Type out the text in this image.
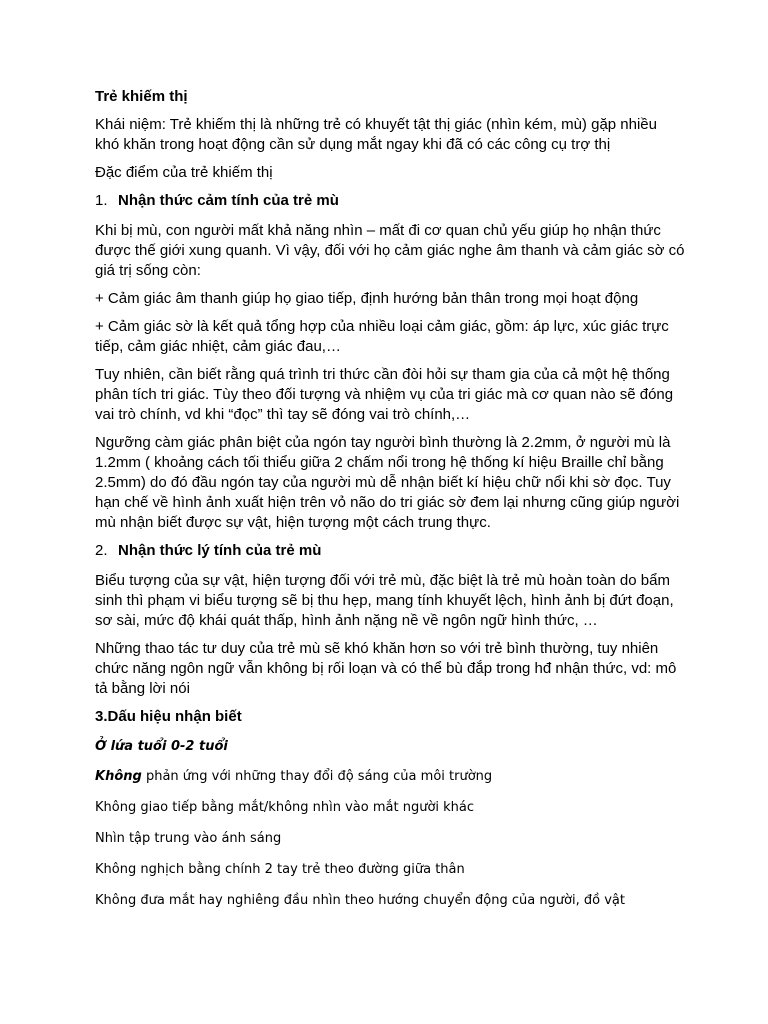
Trẻ khiếm thị

Khái niệm: Trẻ khiếm thị là những trẻ có khuyết tật thị giác (nhìn kém, mù) gặp nhiều khó khăn trong hoạt động cần sử dụng mắt ngay khi đã có các công cụ trợ thị

Đặc điểm của trẻ khiếm thị

1. Nhận thức cảm tính của trẻ mù

Khi bị mù, con người mất khả năng nhìn – mất đi cơ quan chủ yếu giúp họ nhận thức được thế giới xung quanh. Vì vậy, đối với họ cảm giác nghe âm thanh và cảm giác sờ có giá trị sống còn:

+ Cảm giác âm thanh giúp họ giao tiếp, định hướng bản thân trong mọi hoạt động

+ Cảm giác sờ là kết quả tổng hợp của nhiều loại cảm giác, gồm: áp lực, xúc giác trực tiếp, cảm giác nhiệt, cảm giác đau,…

Tuy nhiên, cần biết rằng quá trình tri thức cần đòi hỏi sự tham gia của cả một hệ thống phân tích tri giác. Tùy theo đối tượng và nhiệm vụ của tri giác mà cơ quan nào sẽ đóng vai trò chính, vd khi “đọc” thì tay sẽ đóng vai trò chính,…

Ngưỡng càm giác phân biệt của ngón tay người bình thường là 2.2mm, ở người mù là 1.2mm ( khoảng cách tối thiểu giữa 2 chấm nổi trong hệ thống kí hiệu Braille chỉ bằng 2.5mm) do đó đầu ngón tay của người mù dễ nhận biết kí hiệu chữ nổi khi sờ đọc. Tuy hạn chế về hình ảnh xuất hiện trên vỏ não do tri giác sờ đem lại nhưng cũng giúp người mù nhận biết được sự vật, hiện tượng một cách trung thực.

2. Nhận thức lý tính của trẻ mù

Biểu tượng của sự vật, hiện tượng đối với trẻ mù, đặc biệt là trẻ mù hoàn toàn do bẩm sinh thì phạm vi biểu tượng sẽ bị thu hẹp, mang tính khuyết lệch, hình ảnh bị đứt đoạn, sơ sài, mức độ khái quát thấp, hình ảnh nặng nề về ngôn ngữ hình thức, …

Những thao tác tư duy của trẻ mù sẽ khó khăn hơn so với trẻ bình thường, tuy nhiên chức năng ngôn ngữ vẫn không bị rối loạn và có thể bù đắp trong hđ nhận thức, vd: mô tả bằng lời nói

3.Dấu hiệu nhận biết

Ở lứa tuổi 0-2 tuổi

Không phản ứng với những thay đổi độ sáng của môi trường

Không giao tiếp bằng mắt/không nhìn vào mắt người khác

Nhìn tập trung vào ánh sáng

Không nghịch bằng chính 2 tay trẻ theo đường giữa thân

Không đưa mắt hay nghiêng đầu nhìn theo hướng chuyển động của người, đồ vật
